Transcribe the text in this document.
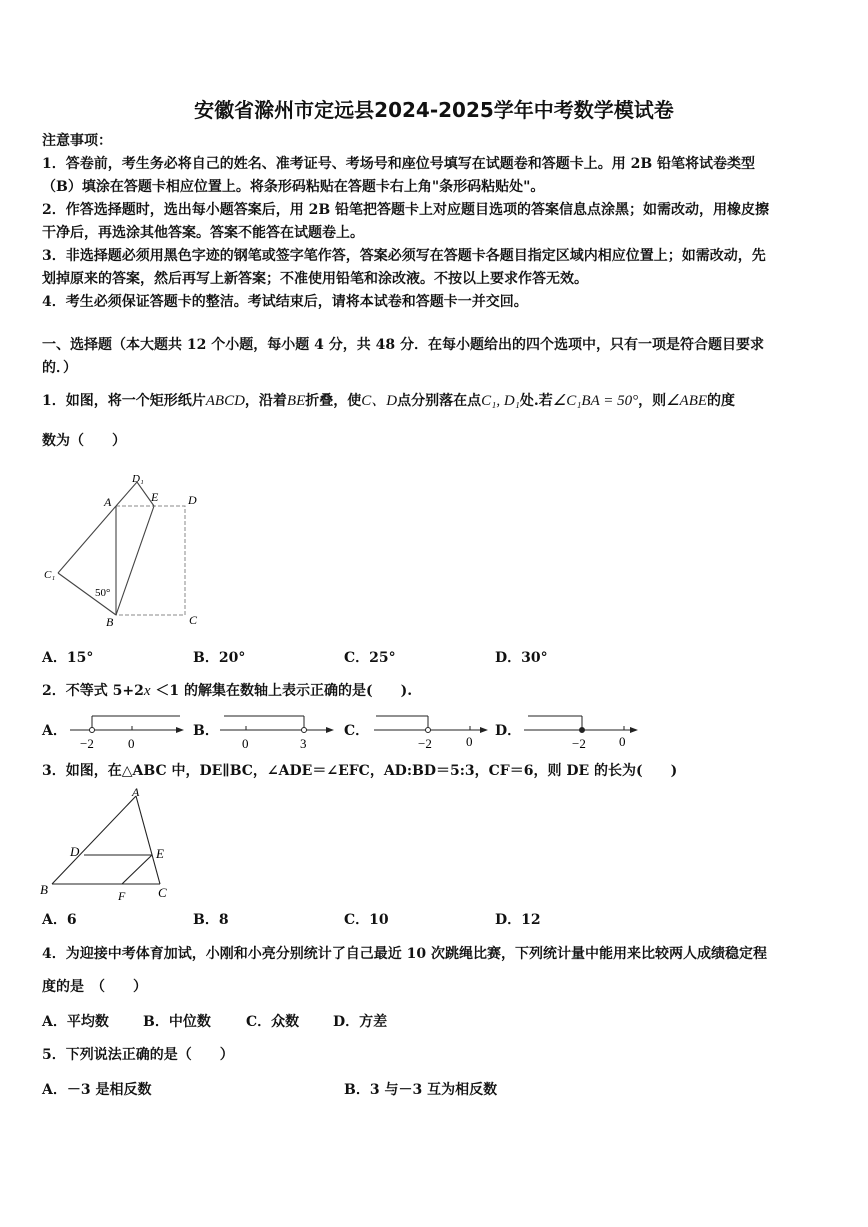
安徽省滁州市定远县2024-2025学年中考数学模试卷
注意事项：
1．答卷前，考生务必将自己的姓名、准考证号、考场号和座位号填写在试题卷和答题卡上。用 2B 铅笔将试卷类型
（B）填涂在答题卡相应位置上。将条形码粘贴在答题卡右上角"条形码粘贴处"。
2．作答选择题时，选出每小题答案后，用 2B 铅笔把答题卡上对应题目选项的答案信息点涂黑；如需改动，用橡皮擦
干净后，再选涂其他答案。答案不能答在试题卷上。
3．非选择题必须用黑色字迹的钢笔或签字笔作答，答案必须写在答题卡各题目指定区域内相应位置上；如需改动，先
划掉原来的答案，然后再写上新答案；不准使用铅笔和涂改液。不按以上要求作答无效。
4．考生必须保证答题卡的整洁。考试结束后，请将本试卷和答题卡一并交回。
一、选择题（本大题共 12 个小题，每小题 4 分，共 48 分．在每小题给出的四个选项中，只有一项是符合题目要求
的．）
1．如图，将一个矩形纸片ABCD，沿着BE折叠，使C、D点分别落在点C₁, D₁处.若∠C₁BA = 50°，则∠ABE的度
数为（　　）
A
D₁
E D
C₁
50°
B	C
A．15°	B．20°	C．25°	D．30°
2．不等式 5+2x ＜1 的解集在数轴上表示正确的是(　　).
A．
−2	0
B．
0	3
C．
−2	0
D．
−2	0
3．如图，在△ABC 中，DE∥BC，∠ADE＝∠EFC，AD:BD＝5:3，CF＝6，则 DE 的长为(　　)
A
D	E
B	F	C
A．6	B．8	C．10	D．12
4．为迎接中考体育加试，小刚和小亮分别统计了自己最近 10 次跳绳比赛，下列统计量中能用来比较两人成绩稳定程
度的是　（　　）
A．平均数 B．中位数	C．众数 D．方差
5．下列说法正确的是（　　）
A．－3 是相反数	B．3 与－3 互为相反数
